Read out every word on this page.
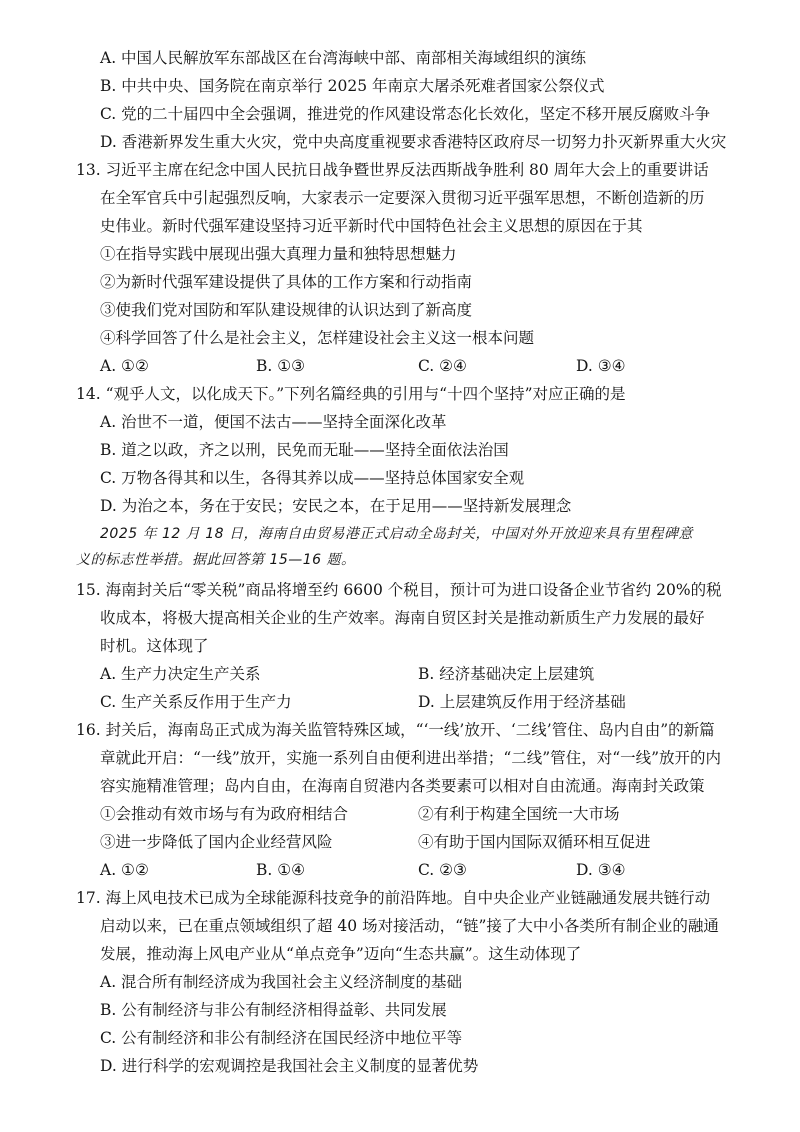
A. 中国人民解放军东部战区在台湾海峡中部、南部相关海域组织的演练
B. 中共中央、国务院在南京举行 2025 年南京大屠杀死难者国家公祭仪式
C. 党的二十届四中全会强调，推进党的作风建设常态化长效化，坚定不移开展反腐败斗争
D. 香港新界发生重大火灾，党中央高度重视要求香港特区政府尽一切努力扑灭新界重大火灾
13. 习近平主席在纪念中国人民抗日战争暨世界反法西斯战争胜利 80 周年大会上的重要讲话
在全军官兵中引起强烈反响，大家表示一定要深入贯彻习近平强军思想，不断创造新的历
史伟业。新时代强军建设坚持习近平新时代中国特色社会主义思想的原因在于其
①在指导实践中展现出强大真理力量和独特思想魅力
②为新时代强军建设提供了具体的工作方案和行动指南
③使我们党对国防和军队建设规律的认识达到了新高度
④科学回答了什么是社会主义，怎样建设社会主义这一根本问题
A. ①②	B. ①③	C. ②④	D. ③④
14. “观乎人文，以化成天下。”下列名篇经典的引用与“十四个坚持”对应正确的是
A. 治世不一道，便国不法古——坚持全面深化改革
B. 道之以政，齐之以刑，民免而无耻——坚持全面依法治国
C. 万物各得其和以生，各得其养以成——坚持总体国家安全观
D. 为治之本，务在于安民；安民之本，在于足用——坚持新发展理念
2025 年 12 月 18 日，海南自由贸易港正式启动全岛封关，中国对外开放迎来具有里程碑意
义的标志性举措。据此回答第 15—16 题。
15. 海南封关后“零关税”商品将增至约 6600 个税目，预计可为进口设备企业节省约 20%的税
收成本，将极大提高相关企业的生产效率。海南自贸区封关是推动新质生产力发展的最好
时机。这体现了
A. 生产力决定生产关系	B. 经济基础决定上层建筑
C. 生产关系反作用于生产力	D. 上层建筑反作用于经济基础
16. 封关后，海南岛正式成为海关监管特殊区域，“‘一线’放开、‘二线’管住、岛内自由”的新篇
章就此开启：“一线”放开，实施一系列自由便利进出举措；“二线”管住，对“一线”放开的内
容实施精准管理；岛内自由，在海南自贸港内各类要素可以相对自由流通。海南封关政策
①会推动有效市场与有为政府相结合	②有利于构建全国统一大市场
③进一步降低了国内企业经营风险	④有助于国内国际双循环相互促进
A. ①②	B. ①④	C. ②③	D. ③④
17. 海上风电技术已成为全球能源科技竞争的前沿阵地。自中央企业产业链融通发展共链行动
启动以来，已在重点领域组织了超 40 场对接活动，“链”接了大中小各类所有制企业的融通
发展，推动海上风电产业从“单点竞争”迈向“生态共赢”。这生动体现了
A. 混合所有制经济成为我国社会主义经济制度的基础
B. 公有制经济与非公有制经济相得益彰、共同发展
C. 公有制经济和非公有制经济在国民经济中地位平等
D. 进行科学的宏观调控是我国社会主义制度的显著优势
